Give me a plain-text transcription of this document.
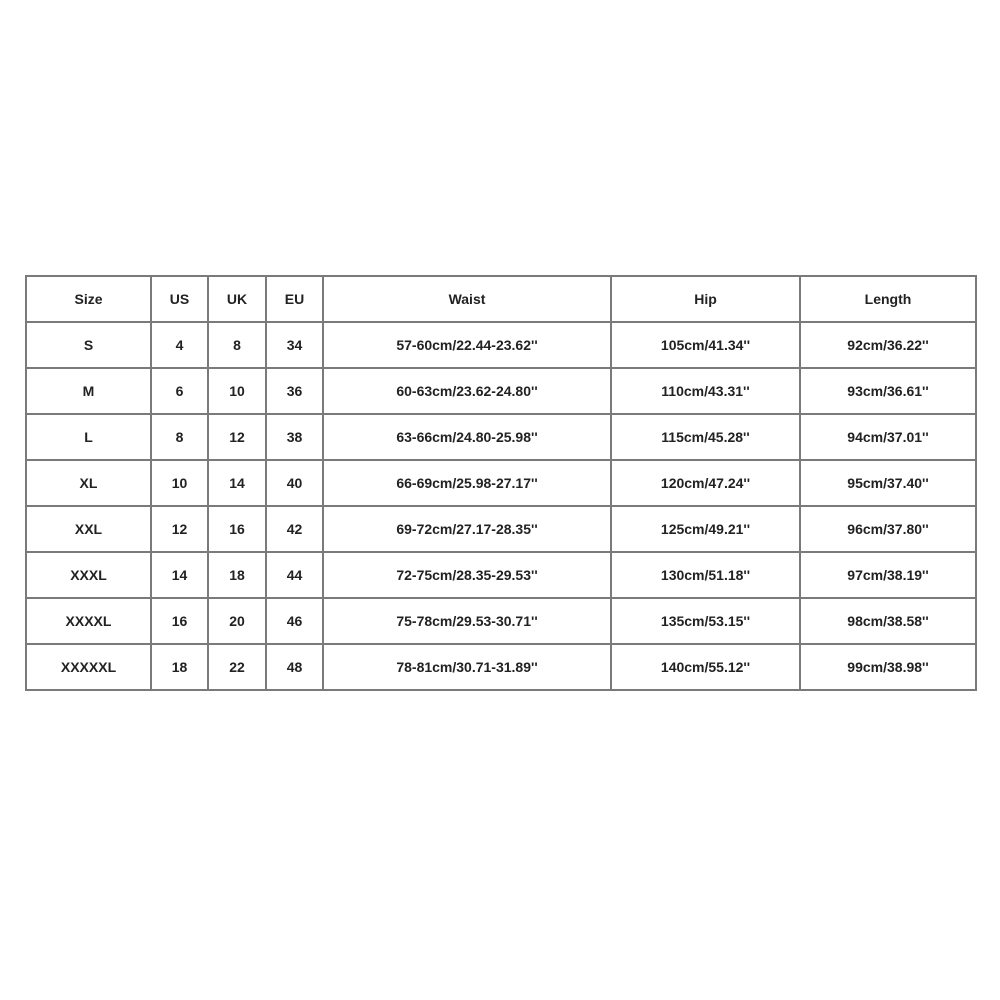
Size	US	UK	EU	Waist	Hip	Length
S	4	8	34	57-60cm/22.44-23.62''	105cm/41.34''	92cm/36.22''
M	6	10	36	60-63cm/23.62-24.80''	110cm/43.31''	93cm/36.61''
L	8	12	38	63-66cm/24.80-25.98''	115cm/45.28''	94cm/37.01''
XL	10	14	40	66-69cm/25.98-27.17''	120cm/47.24''	95cm/37.40''
XXL	12	16	42	69-72cm/27.17-28.35''	125cm/49.21''	96cm/37.80''
XXXL	14	18	44	72-75cm/28.35-29.53''	130cm/51.18''	97cm/38.19''
XXXXL	16	20	46	75-78cm/29.53-30.71''	135cm/53.15''	98cm/38.58''
XXXXXL	18	22	48	78-81cm/30.71-31.89''	140cm/55.12''	99cm/38.98''
